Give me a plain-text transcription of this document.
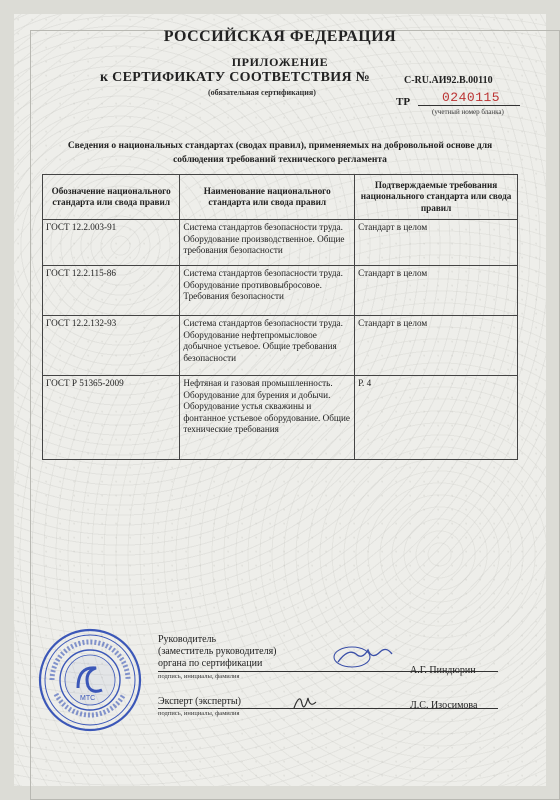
РОССИЙСКАЯ ФЕДЕРАЦИЯ
ПРИЛОЖЕНИЕ
к СЕРТИФИКАТУ СООТВЕТСТВИЯ №	С-RU.АИ92.В.00110
(обязательная сертификация)
ТР 0240115
(учетный номер бланка)
Сведения о национальных стандартах (сводах правил), применяемых на добровольной основе для соблюдения требований технического регламента
Обозначение национального стандарта или свода правил	Наименование национального стандарта или свода правил	Подтверждаемые требования национального стандарта или свода правил
ГОСТ 12.2.003-91	Система стандартов безопасности труда. Оборудование производственное. Общие требования безопасности	Стандарт в целом
ГОСТ 12.2.115-86	Система стандартов безопасности труда. Оборудование противовыбросовое. Требования безопасности	Стандарт в целом
ГОСТ 12.2.132-93	Система стандартов безопасности труда. Оборудование нефтепромысловое добычное устьевое. Общие требования безопасности	Стандарт в целом
ГОСТ Р 51365-2009	Нефтяная и газовая промышленность. Оборудование для бурения и добычи. Оборудование устья скважины и фонтанное устьевое оборудование. Общие технические требования	Р. 4
МТС
Руководитель
(заместитель руководителя)
органа по сертификации
подпись, инициалы, фамилия
А.Г. Пиндюрин
Эксперт (эксперты)
подпись, инициалы, фамилия
Л.С. Изосимова
